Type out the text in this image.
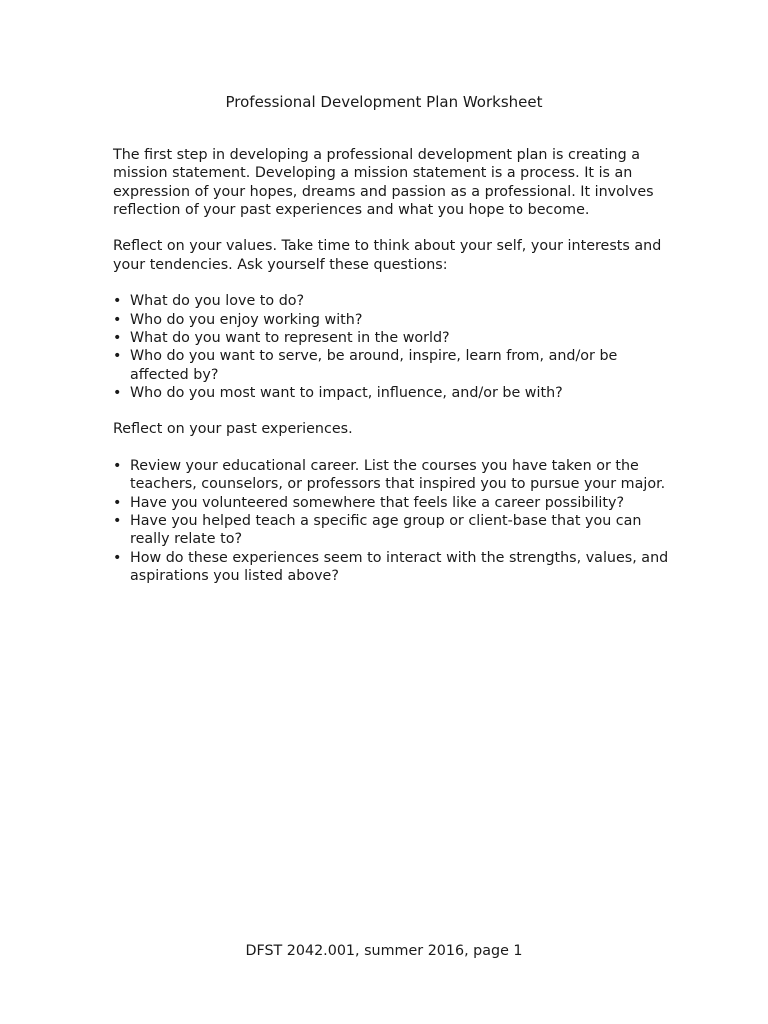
Professional Development Plan Worksheet

The first step in developing a professional development plan is creating a mission statement. Developing a mission statement is a process. It is an expression of your hopes, dreams and passion as a professional. It involves reflection of your past experiences and what you hope to become.

Reflect on your values. Take time to think about your self, your interests and your tendencies. Ask yourself these questions:

• What do you love to do?
• Who do you enjoy working with?
• What do you want to represent in the world?
• Who do you want to serve, be around, inspire, learn from, and/or be affected by?
• Who do you most want to impact, influence, and/or be with?

Reflect on your past experiences.

• Review your educational career. List the courses you have taken or the teachers, counselors, or professors that inspired you to pursue your major.
• Have you volunteered somewhere that feels like a career possibility?
• Have you helped teach a specific age group or client-base that you can really relate to?
• How do these experiences seem to interact with the strengths, values, and aspirations you listed above?
DFST 2042.001, summer 2016, page 1
